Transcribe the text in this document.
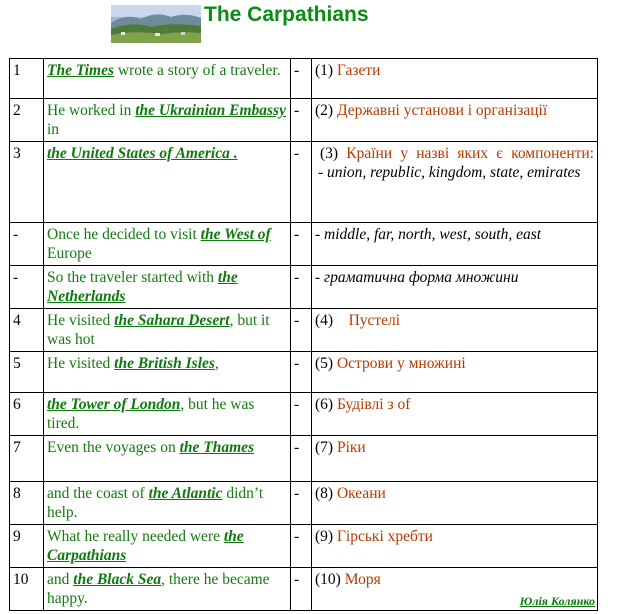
The Carpathians
1	The Times wrote a story of a traveler.	-	(1) Газети
2	He worked in the Ukrainian Embassy in	-	(2) Державні установи і організації
3	the United States of America .	-	(3) Країни у назві яких є компоненти:
- union, republic, kingdom, state, emirates

-	Once he decided to visit the West of Europe	-	- middle, far, north, west, south, east
-	So the traveler started with the Netherlands	-	- граматична форма множини
4	He visited the Sahara Desert, but it was hot	-	(4) Пустелі
5	He visited the British Isles,	-	(5) Острови у множині
6	the Tower of London, but he was tired.	-	(6) Будівлі з of
7	Even the voyages on the Thames	-	(7) Ріки
8	and the coast of the Atlantic didn’t help.	-	(8) Океани
9	What he really needed were the Carpathians	-	(9) Гірські хребти
10	and the Black Sea, there he became happy.	-	(10) Моря
Юлія Колянко
